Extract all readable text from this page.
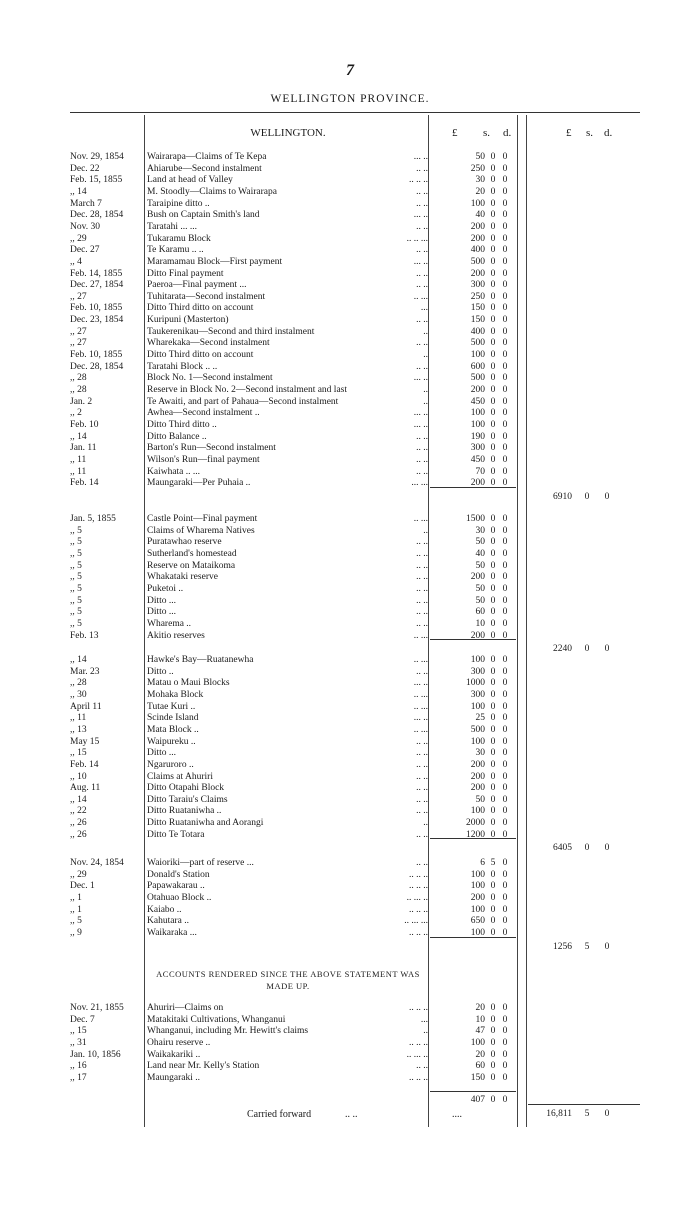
7
WELLINGTON PROVINCE.
WELLINGTON.	£ s. d.	£ s. d.
Nov. 29, 1854	Wairarapa—Claims of Te Kepa	... ..	50 0 0
Dec. 22	Ahiarube—Second instalment	.. ..	250 0 0
Feb. 15, 1855	Land at head of Valley	.. .. ..	30 0 0
,, 14	M. Stoodly—Claims to Wairarapa	.. ..	20 0 0
March 7	Taraipine ditto ..	.. ..	100 0 0
Dec. 28, 1854	Bush on Captain Smith's land	... ..	40 0 0
Nov. 30	Taratahi ... ...	.. ..	200 0 0
,, 29	Tukaramu Block	.. .. ...	200 0 0
Dec. 27	Te Karamu .. ..	.. ..	400 0 0
,, 4	Maramamau Block—First payment	... ..	500 0 0
Feb. 14, 1855	Ditto Final payment	.. ..	200 0 0
Dec. 27, 1854	Paeroa—Final payment ...	.. ..	300 0 0
,, 27	Tuhitarata—Second instalment	.. ...	250 0 0
Feb. 10, 1855	Ditto Third ditto on account	...	150 0 0
Dec. 23, 1854	Kuripuni (Masterton)	.. ..	150 0 0
,, 27	Taukerenikau—Second and third instalment	..	400 0 0
,, 27	Wharekaka—Second instalment	.. ..	500 0 0
Feb. 10, 1855	Ditto Third ditto on account	..	100 0 0
Dec. 28, 1854	Taratahi Block .. ..	.. ..	600 0 0
,, 28	Block No. 1—Second instalment	... ..	500 0 0
,, 28	Reserve in Block No. 2—Second instalment and last	..	200 0 0
Jan. 2	Te Awaiti, and part of Pahaua—Second instalment	..	450 0 0
,, 2	Awhea—Second instalment ..	... ..	100 0 0
Feb. 10	Ditto Third ditto ..	... ..	100 0 0
,, 14	Ditto Balance ..	.. ..	190 0 0
Jan. 11	Barton's Run—Second instalment	.. ..	300 0 0
,, 11	Wilson's Run—final payment	.. ..	450 0 0
,, 11	Kaiwhata .. ...	.. ..	70 0 0
Feb. 14	Maungaraki—Per Puhaia ..	... ...	200 0 0
6910	0	0
Jan. 5, 1855	Castle Point—Final payment	.. ...	1500 0 0
,, 5	Claims of Wharema Natives	..	30 0 0
,, 5	Puratawhao reserve	.. ..	50 0 0
,, 5	Sutherland's homestead	.. ..	40 0 0
,, 5	Reserve on Mataikoma	.. ..	50 0 0
,, 5	Whakataki reserve	.. ..	200 0 0
,, 5	Puketoi ..	.. ..	50 0 0
,, 5	Ditto ...	.. ..	50 0 0
,, 5	Ditto ...	.. ..	60 0 0
,, 5	Wharema ..	.. ..	10 0 0
Feb. 13	Akitio reserves	.. ...	200 0 0
2240	0	0
,, 14	Hawke's Bay—Ruatanewha	.. ...	100 0 0
Mar. 23	Ditto ..	.. ..	300 0 0
,, 28	Matau o Maui Blocks	... ..	1000 0 0
,, 30	Mohaka Block	.. ...	300 0 0
April 11	Tutae Kuri ..	.. ...	100 0 0
,, 11	Scinde Island	... ..	25 0 0
,, 13	Mata Block ..	.. ...	500 0 0
May 15	Waipureku ..	.. ..	100 0 0
,, 15	Ditto ...	.. ..	30 0 0
Feb. 14	Ngaruroro ..	.. ..	200 0 0
,, 10	Claims at Ahuriri	.. ..	200 0 0
Aug. 11	Ditto Otapahi Block	.. ..	200 0 0
,, 14	Ditto Taraiu's Claims	.. ..	50 0 0
,, 22	Ditto Ruataniwha ..	.. ..	100 0 0
,, 26	Ditto Ruataniwha and Aorangi	..	2000 0 0
,, 26	Ditto Te Totara	.. ..	1200 0 0
6405	0	0
Nov. 24, 1854	Waioriki—part of reserve ...	.. ..	6 5 0
,, 29	Donald's Station	.. .. ..	100 0 0
Dec. 1	Papawakarau ..	.. .. ..	100 0 0
,, 1	Otahuao Block ..	.. ... ..	200 0 0
,, 1	Kaiabo ..	.. .. ..	100 0 0
,, 5	Kahutara ..	.. ... ...	650 0 0
,, 9	Waikaraka ...	.. .. ..	100 0 0
1256	5	0
Nov. 21, 1855	Ahuriri—Claims on	.. .. ..	20 0 0
Dec. 7	Matakitaki Cultivations, Whanganui	...	10 0 0
,, 15	Whanganui, including Mr. Hewitt's claims	..	47 0 0
,, 31	Ohairu reserve ..	.. .. ..	100 0 0
Jan. 10, 1856	Waikakariki ..	.. ... ..	20 0 0
,, 16	Land near Mr. Kelly's Station	.. ..	60 0 0
,, 17	Maungaraki ..	.. .. ..	150 0 0
407 0 0
ACCOUNTS RENDERED SINCE THE ABOVE STATEMENT WAS MADE UP.
Carried forward	.. ..	....	16,811	5	0
